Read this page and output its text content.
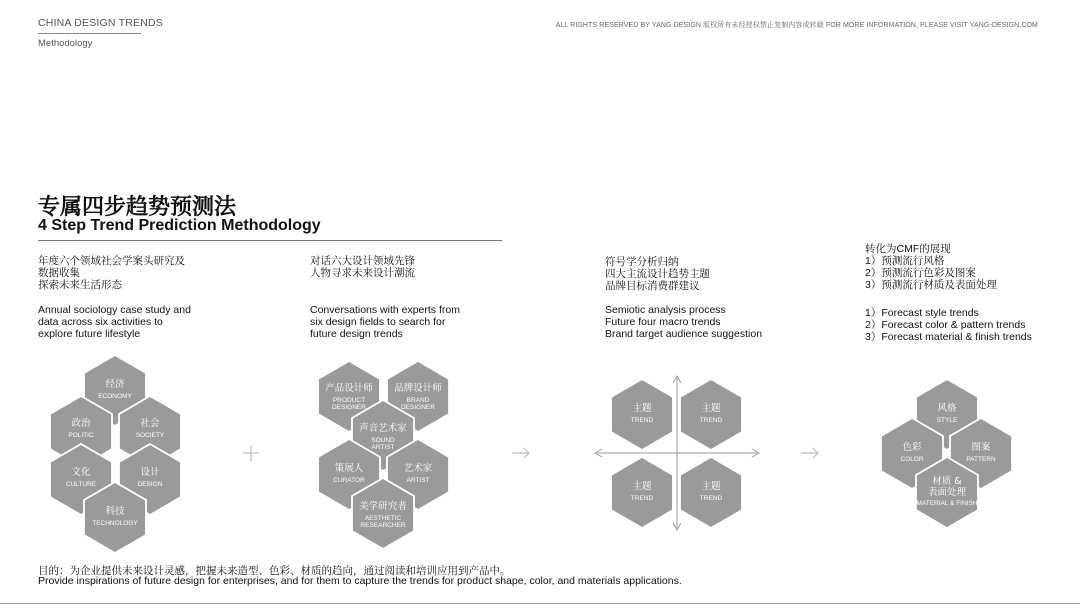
CHINA DESIGN TRENDS
Methodology
ALL RIGHTS RESERVED BY YANG DESIGN 版权所有未经授权禁止复制内容或转载 FOR MORE INFORMATION, PLEASE VISIT YANG-DESIGN.COM
专属四步趋势预测法
4 Step Trend Prediction Methodology
年度六个领域社会学案头研究及
数据收集
探索未来生活形态
Annual sociology case study and
data across six activities to
explore future lifestyle
对话六大设计领域先锋
人物寻求未来设计潮流
Conversations with experts from
six design fields to search for
future design trends
符号学分析归纳
四大主流设计趋势主题
品牌目标消费群建议
Semiotic analysis process
Future four macro trends
Brand target audience suggestion
转化为CMF的展现
1）预测流行风格
2）预测流行色彩及图案
3）预测流行材质及表面处理
1）Forecast style trends
2）Forecast color & pattern trends
3）Forecast material & finish trends
经济
ECONOMY
政治
POLITIC
社会
SOCIETY
文化
CULTURE
设计
DESIGN
科技
TECHNOLOGY
产品设计师
PRODUCT
DESIGNER
品牌设计师
BRAND
DESIGNER
声音艺术家
SOUND
ARTIST
策展人
CURATOR
艺术家
ARTIST
美学研究者
AESTHETIC
RESEARCHER
主题
TREND
主题
TREND
主题
TREND
主题
TREND
风格
STYLE
色彩
COLOR
图案
PATTERN
材质 &
表面处理
MATERIAL & FINISH
目的：为企业提供未来设计灵感，把握未来造型、色彩、材质的趋向，通过阅读和培训应用到产品中。
Provide inspirations of future design for enterprises, and for them to capture the trends for product shape, color, and materials applications.
